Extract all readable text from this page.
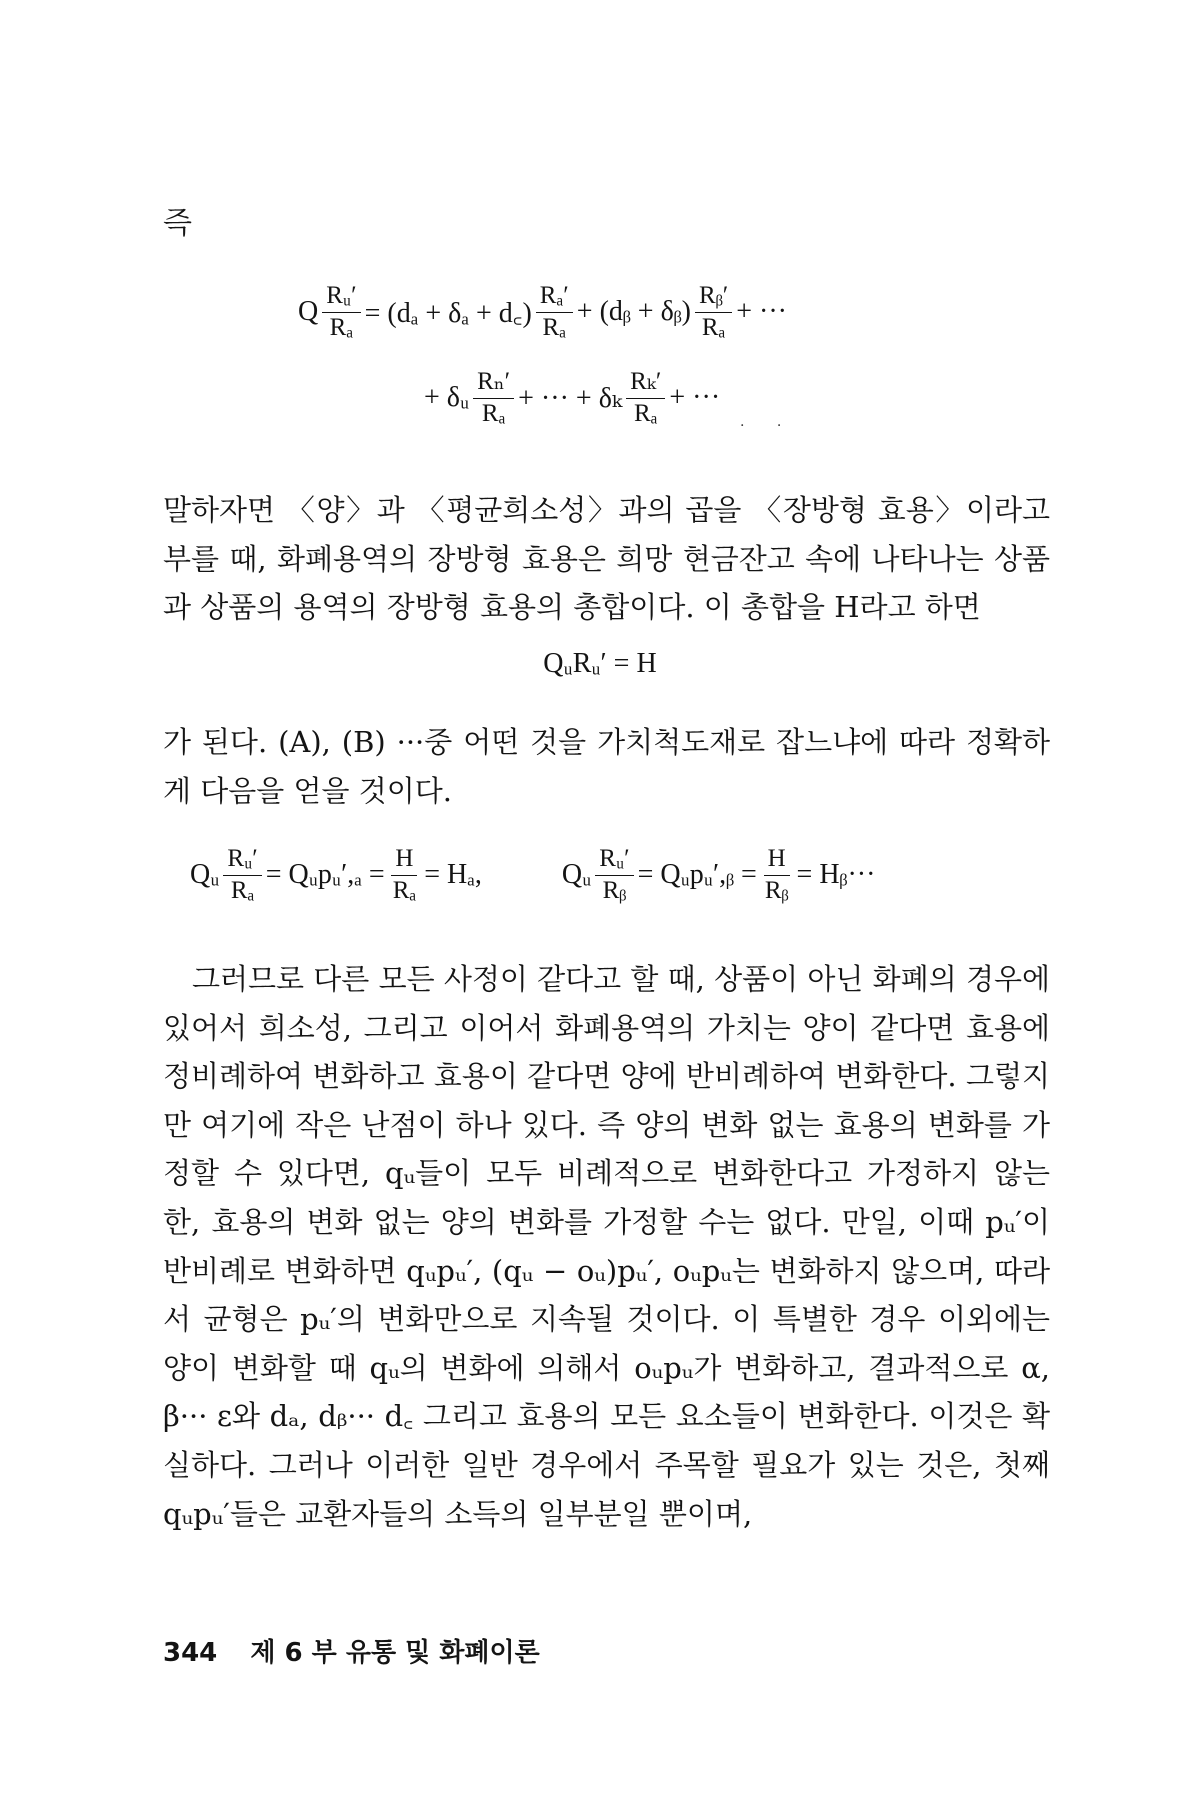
즉
Q $\frac{\text{Rᵤ′}}{\text{Rₐ}} = (d_a + \delta_a$ + d꜀) $\frac{\text{Rₐ′}}{\text{Rₐ}}$ + (dᵦ + δᵦ) $\frac{\text{Rᵦ′}}{\text{Rₐ}}$ + ···
+ δᵤ $\frac{\text{Rₙ′}}{\text{Rₐ}}$ + ··· + δₖ $\frac{\text{Rₖ′}}{\text{Rₐ}}$ + ···
. .

말하자면 〈양〉과 〈평균희소성〉과의 곱을 〈장방형 효용〉이라고 부를 때, 화폐용역의 장방형 효용은 희망 현금잔고 속에 나타나는 상품과 상품의 용역의 장방형 효용의 총합이다. 이 총합을 H라고 하면

QᵤRᵤ′ = H

가 된다. (A), (B) ···중 어떤 것을 가치척도재로 잡느냐에 따라 정확하게 다음을 얻을 것이다.

Qᵤ $\frac{\text{Rᵤ′}}{\text{Rₐ}}$ = Qᵤpᵤ′,ₐ = $\frac{H}{\text{Rₐ}} = H_a$,	Qᵤ $\frac{\text{Rᵤ′}}{\text{Rᵦ}}$ = Qᵤpᵤ′,ᵦ = $\frac{H}{\text{Rᵦ}}$ = Hᵦ···

그러므로 다른 모든 사정이 같다고 할 때, 상품이 아닌 화폐의 경우에 있어서 희소성, 그리고 이어서 화폐용역의 가치는 양이 같다면 효용에 정비례하여 변화하고 효용이 같다면 양에 반비례하여 변화한다. 그렇지만 여기에 작은 난점이 하나 있다. 즉 양의 변화 없는 효용의 변화를 가정할 수 있다면, qᵤ들이 모두 비례적으로 변화한다고 가정하지 않는 한, 효용의 변화 없는 양의 변화를 가정할 수는 없다. 만일, 이때 pᵤ′이 반비례로 변화하면 qᵤpᵤ′, (qᵤ − oᵤ)pᵤ′, oᵤpᵤ는 변화하지 않으며, 따라서 균형은 pᵤ′의 변화만으로 지속될 것이다. 이 특별한 경우 이외에는 양이 변화할 때 qᵤ의 변화에 의해서 oᵤpᵤ가 변화하고, 결과적으로 α, β··· ε와 dₐ, dᵦ··· d꜀ 그리고 효용의 모든 요소들이 변화한다. 이것은 확실하다. 그러나 이러한 일반 경우에서 주목할 필요가 있는 것은, 첫째 qᵤpᵤ′들은 교환자들의 소득의 일부분일 뿐이며,

344 제 6 부 유통 및 화폐이론
